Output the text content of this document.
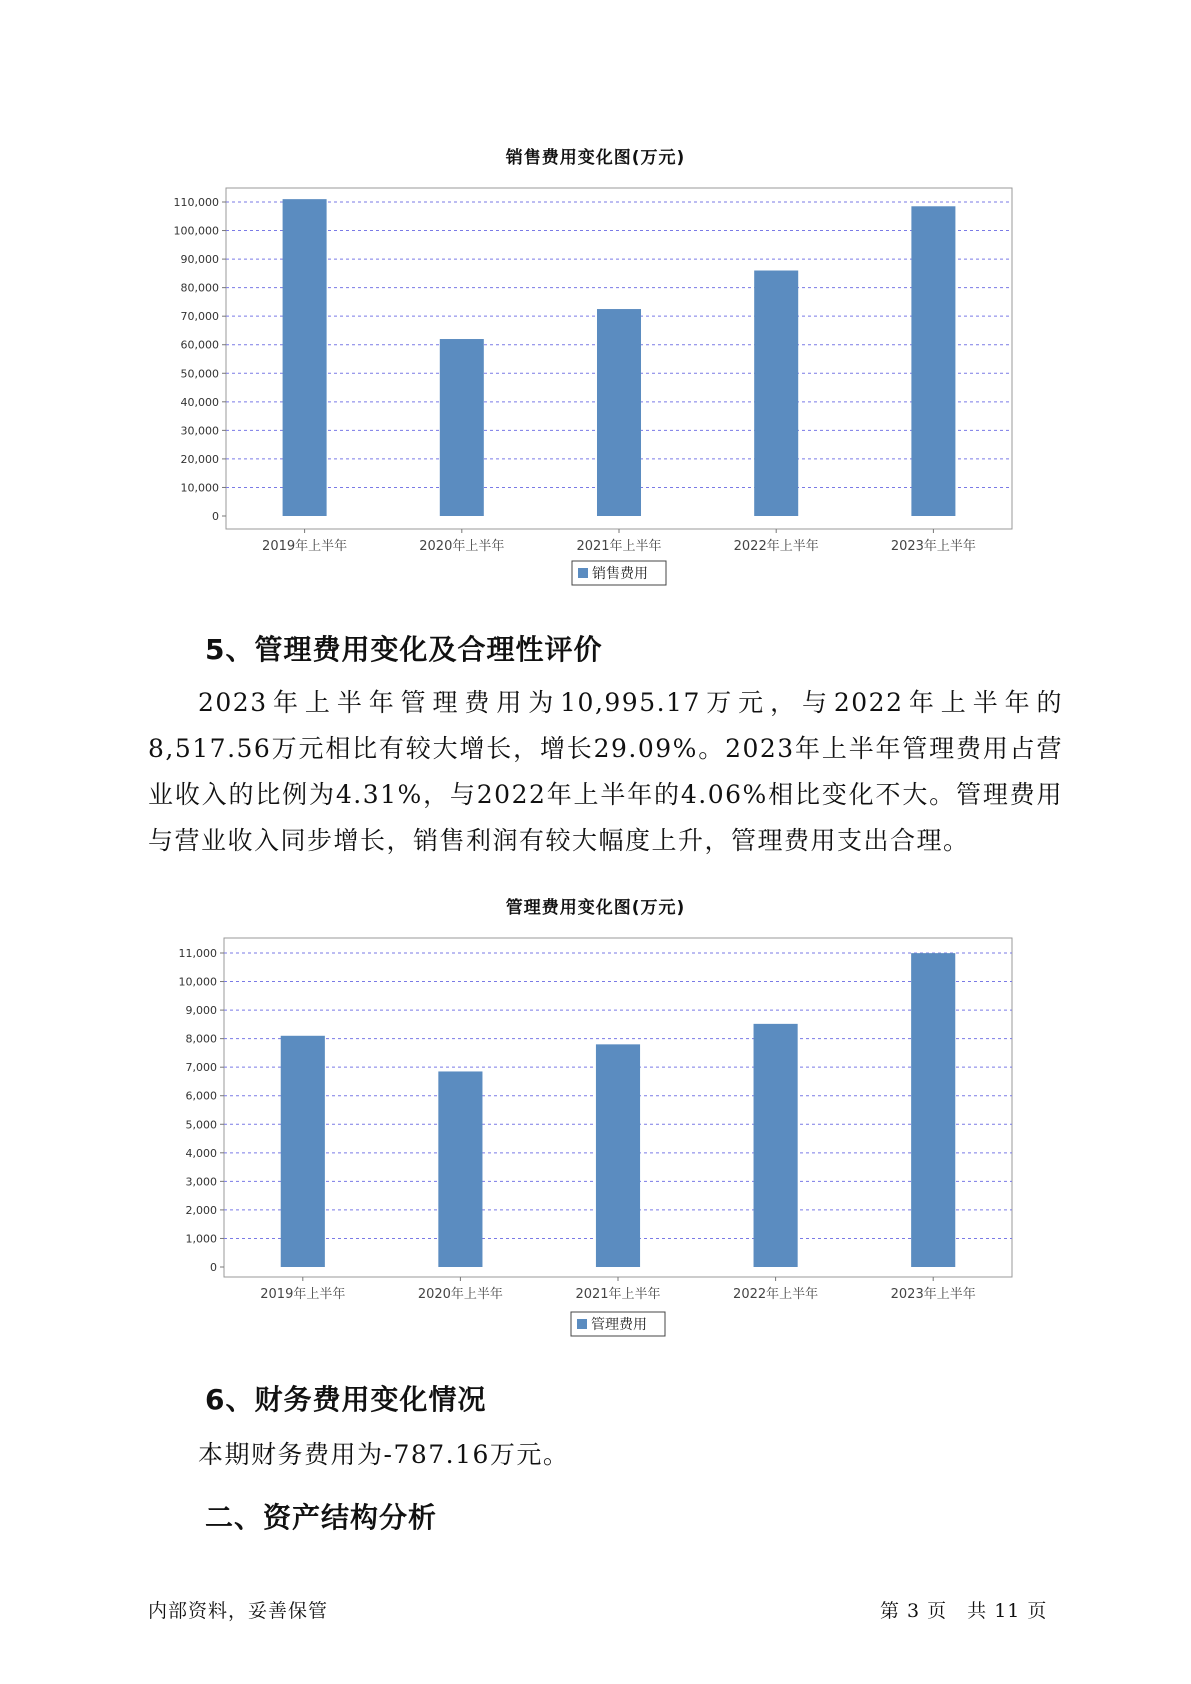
销售费用变化图(万元)
0
10,000
20,000
30,000
40,000
50,000
60,000
70,000
80,000
90,000
100,000
110,000
2019年上半年	2020年上半年	2021年上半年	2022年上半年	2023年上半年
销售费用
5、管理费用变化及合理性评价
2023年上半年管理费用为10,995.17万元，与2022年上半年的8,517.56万元相比有较大增长，增长29.09%。2023年上半年管理费用占营业收入的比例为4.31%，与2022年上半年的4.06%相比变化不大。管理费用与营业收入同步增长，销售利润有较大幅度上升，管理费用支出合理。
管理费用变化图(万元)
0
1,000
2,000
3,000
4,000
5,000
6,000
7,000
8,000
9,000
10,000
11,000
2019年上半年	2020年上半年	2021年上半年	2022年上半年	2023年上半年
管理费用
6、财务费用变化情况
本期财务费用为-787.16万元。
二、资产结构分析
内部资料，妥善保管	第 3 页　共 11 页
